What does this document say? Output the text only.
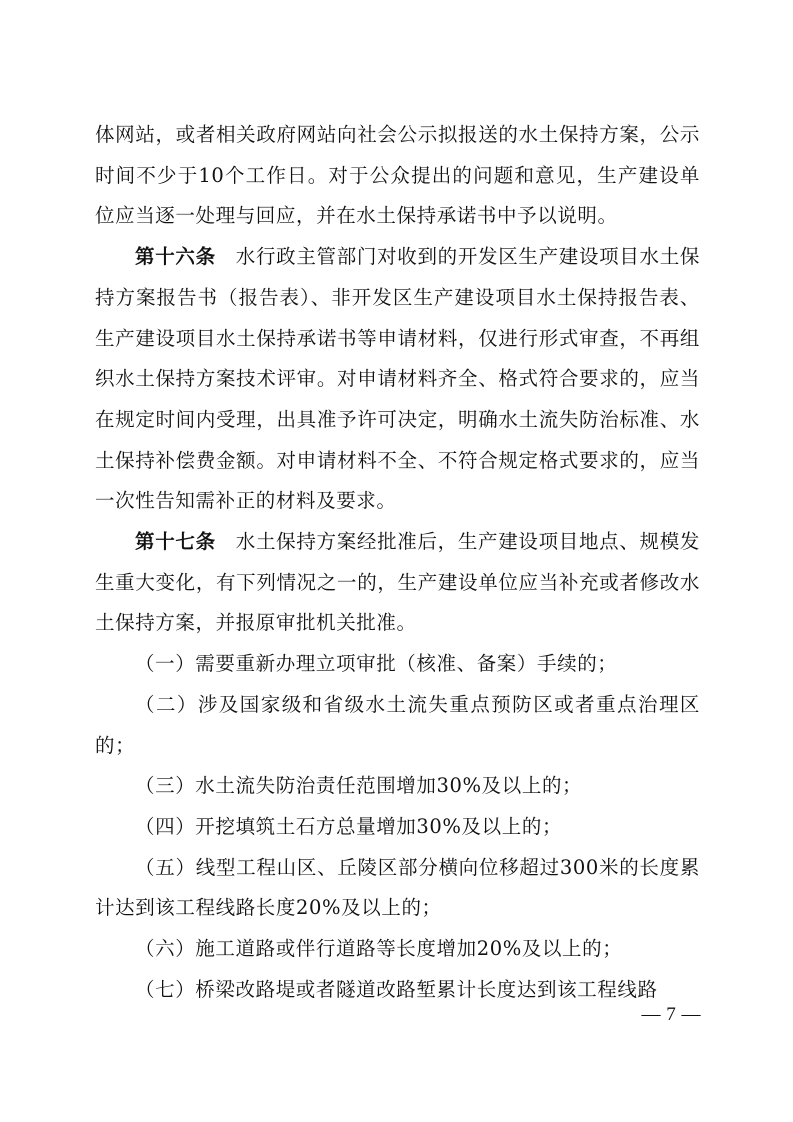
体网站，或者相关政府网站向社会公示拟报送的水土保持方案，公示时间不少于10个工作日。对于公众提出的问题和意见，生产建设单位应当逐一处理与回应，并在水土保持承诺书中予以说明。

第十六条 水行政主管部门对收到的开发区生产建设项目水土保持方案报告书（报告表）、非开发区生产建设项目水土保持报告表、生产建设项目水土保持承诺书等申请材料，仅进行形式审查，不再组织水土保持方案技术评审。对申请材料齐全、格式符合要求的，应当在规定时间内受理，出具准予许可决定，明确水土流失防治标准、水土保持补偿费金额。对申请材料不全、不符合规定格式要求的，应当一次性告知需补正的材料及要求。

第十七条 水土保持方案经批准后，生产建设项目地点、规模发生重大变化，有下列情况之一的，生产建设单位应当补充或者修改水土保持方案，并报原审批机关批准。

（一）需要重新办理立项审批（核准、备案）手续的；

（二）涉及国家级和省级水土流失重点预防区或者重点治理区的；

（三）水土流失防治责任范围增加30%及以上的；

（四）开挖填筑土石方总量增加30%及以上的；

（五）线型工程山区、丘陵区部分横向位移超过300米的长度累计达到该工程线路长度20%及以上的；

（六）施工道路或伴行道路等长度增加20%及以上的；

（七）桥梁改路堤或者隧道改路堑累计长度达到该工程线路

— 7 —
